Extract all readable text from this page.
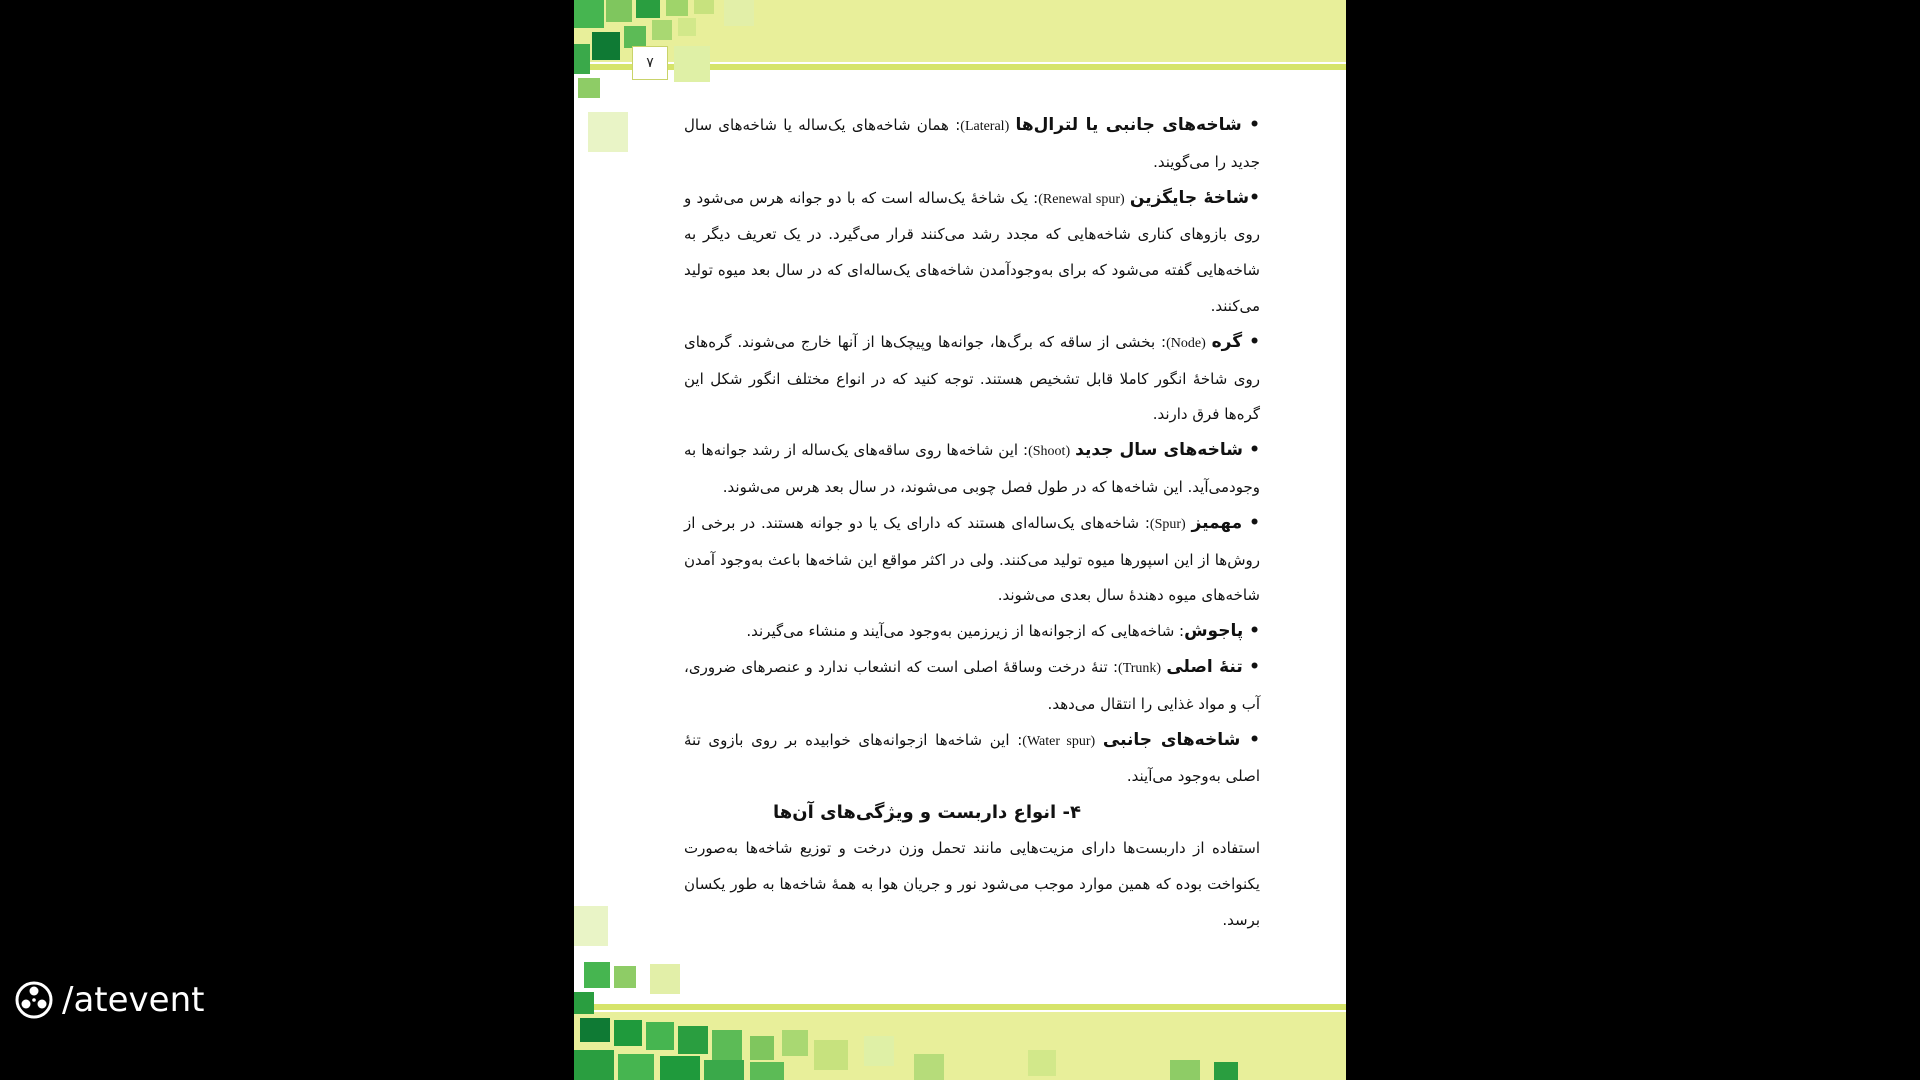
۷

• شاخه‌های جانبی یا لترال‌ها (Lateral): همان شاخه‌های یک‌ساله یا شاخه‌های سال جدید را می‌گویند.

•شاخهٔ جایگزین (Renewal spur): یک شاخهٔ یک‌ساله است که با دو جوانه هرس می‌شود و روی بازوهای کناری شاخه‌هایی که مجدد رشد می‌کنند قرار می‌گیرد. در یک تعریف دیگر به شاخه‌هایی گفته می‌شود که برای به‌وجودآمدن شاخه‌های یک‌ساله‌ای که در سال بعد میوه تولید می‌کنند.

• گره (Node): بخشی از ساقه که برگ‌ها، جوانه‌ها وپیچک‌ها از آنها خارج می‌شوند. گره‌های روی شاخهٔ انگور کاملا قابل تشخیص هستند. توجه کنید که در انواع مختلف انگور شکل این گره‌ها فرق دارند.

• شاخه‌های سال جدید (Shoot): این شاخه‌ها روی ساقه‌های یک‌ساله از رشد جوانه‌ها به وجودمی‌آید. این شاخه‌ها که در طول فصل چوبی می‌شوند، در سال بعد هرس می‌شوند.

• مهمیز (Spur): شاخه‌های یک‌ساله‌ای هستند که دارای یک یا دو جوانه هستند. در برخی از روش‌ها از این اسپورها میوه تولید می‌کنند. ولی در اکثر مواقع این شاخه‌ها باعث به‌وجود آمدن شاخه‌های میوه دهندهٔ سال بعدی می‌شوند.

• پاجوش: شاخه‌هایی که ازجوانه‌ها از زیرزمین به‌وجود می‌آیند و منشاء می‌گیرند.

• تنهٔ اصلی (Trunk): تنهٔ درخت وساقهٔ اصلی است که انشعاب ندارد و عنصرهای ضروری، آب و مواد غذایی را انتقال می‌دهد.

• شاخه‌های جانبی (Water spur): این شاخه‌ها ازجوانه‌های خوابیده بر روی بازوی تنهٔ اصلی به‌وجود می‌آیند.

۴- انواع داربست و ویژگی‌های آن‌ها

استفاده از داربست‌ها دارای مزیت‌هایی مانند تحمل وزن درخت و توزیع شاخه‌ها به‌صورت یکنواخت بوده که همین موارد موجب می‌شود نور و جریان هوا به همهٔ شاخه‌ها به طور یکسان برسد.

/atevent
